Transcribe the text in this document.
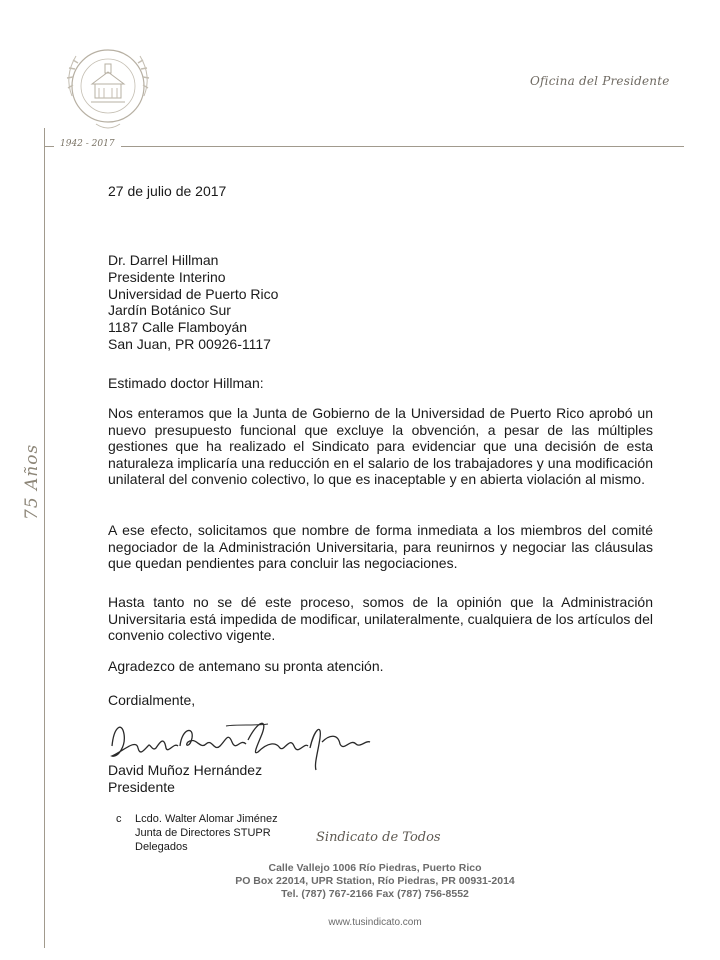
Oficina del Presidente
1942 - 2017
75 Años
27 de julio de 2017
Dr. Darrel Hillman
Presidente Interino
Universidad de Puerto Rico
Jardín Botánico Sur
1187 Calle Flamboyán
San Juan, PR 00926-1117
Estimado doctor Hillman:
Nos enteramos que la Junta de Gobierno de la Universidad de Puerto Rico aprobó un nuevo presupuesto funcional que excluye la obvención, a pesar de las múltiples gestiones que ha realizado el Sindicato para evidenciar que una decisión de esta naturaleza implicaría una reducción en el salario de los trabajadores y una modificación unilateral del convenio colectivo, lo que es inaceptable y en abierta violación al mismo.
A ese efecto, solicitamos que nombre de forma inmediata a los miembros del comité negociador de la Administración Universitaria, para reunirnos y negociar las cláusulas que quedan pendientes para concluir las negociaciones.
Hasta tanto no se dé este proceso, somos de la opinión que la Administración Universitaria está impedida de modificar, unilateralmente, cualquiera de los artículos del convenio colectivo vigente.
Agradezco de antemano su pronta atención.
Cordialmente,
David Muñoz Hernández
Presidente
c Lcdo. Walter Alomar Jiménez
Junta de Directores STUPR
Delegados
Sindicato de Todos
Calle Vallejo 1006 Río Piedras, Puerto Rico
PO Box 22014, UPR Station, Río Piedras, PR 00931-2014
Tel. (787) 767-2166 Fax (787) 756-8552
www.tusindicato.com
